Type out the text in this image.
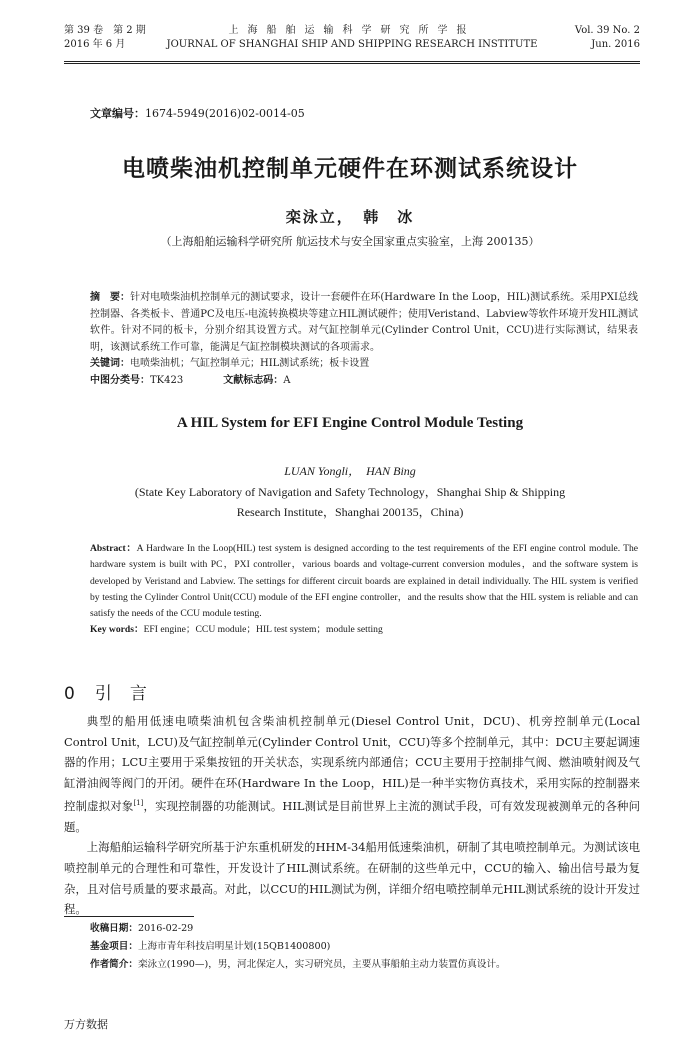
第 39 卷　第 2 期
2016 年 6 月
上海船舶运输科学研究所学报
JOURNAL OF SHANGHAI SHIP AND SHIPPING RESEARCH INSTITUTE
Vol. 39 No. 2
Jun. 2016
文章编号：1674-5949(2016)02-0014-05
电喷柴油机控制单元硬件在环测试系统设计
栾泳立，　韩　冰
（上海船舶运输科学研究所 航运技术与安全国家重点实验室，上海 200135）
摘　要：针对电喷柴油机控制单元的测试要求，设计一套硬件在环(Hardware In the Loop，HIL)测试系统。采用PXI总线控制器、各类板卡、普通PC及电压-电流转换模块等建立HIL测试硬件；使用Veristand、Labview等软件环境开发HIL测试软件。针对不同的板卡，分别介绍其设置方式。对气缸控制单元(Cylinder Control Unit，CCU)进行实际测试，结果表明，该测试系统工作可靠，能满足气缸控制模块测试的各项需求。
关键词：电喷柴油机；气缸控制单元；HIL测试系统；板卡设置
中图分类号：TK423	文献标志码：A
A HIL System for EFI Engine Control Module Testing
LUAN Yongli，　HAN Bing
(State Key Laboratory of Navigation and Safety Technology，Shanghai Ship & Shipping Research Institute，Shanghai 200135，China)
Abstract：A Hardware In the Loop(HIL) test system is designed according to the test requirements of the EFI engine control module. The hardware system is built with PC，PXI controller，various boards and voltage-current conversion modules，and the software system is developed by Veristand and Labview. The settings for different circuit boards are explained in detail individually. The HIL system is verified by testing the Cylinder Control Unit(CCU) module of the EFI engine controller，and the results show that the HIL system is reliable and can satisfy the needs of the CCU module testing.
Key words：EFI engine；CCU module；HIL test system；module setting
0 引言

典型的船用低速电喷柴油机包含柴油机控制单元(Diesel Control Unit，DCU)、机旁控制单元(Local Control Unit，LCU)及气缸控制单元(Cylinder Control Unit，CCU)等多个控制单元，其中：DCU主要起调速器的作用；LCU主要用于采集按钮的开关状态，实现系统内部通信；CCU主要用于控制排气阀、燃油喷射阀及气缸滑油阀等阀门的开闭。硬件在环(Hardware In the Loop，HIL)是一种半实物仿真技术，采用实际的控制器来控制虚拟对象[1]，实现控制器的功能测试。HIL测试是目前世界上主流的测试手段，可有效发现被测单元的各种问题。

上海船舶运输科学研究所基于沪东重机研发的HHM-34船用低速柴油机，研制了其电喷控制单元。为测试该电喷控制单元的合理性和可靠性，开发设计了HIL测试系统。在研制的这些单元中，CCU的输入、输出信号最为复杂，且对信号质量的要求最高。对此，以CCU的HIL测试为例，详细介绍电喷控制单元HIL测试系统的设计开发过程。

收稿日期：2016-02-29
基金项目：上海市青年科技启明星计划(15QB1400800)
作者简介：栾泳立(1990—)，男，河北保定人，实习研究员，主要从事船舶主动力装置仿真设计。
万方数据
